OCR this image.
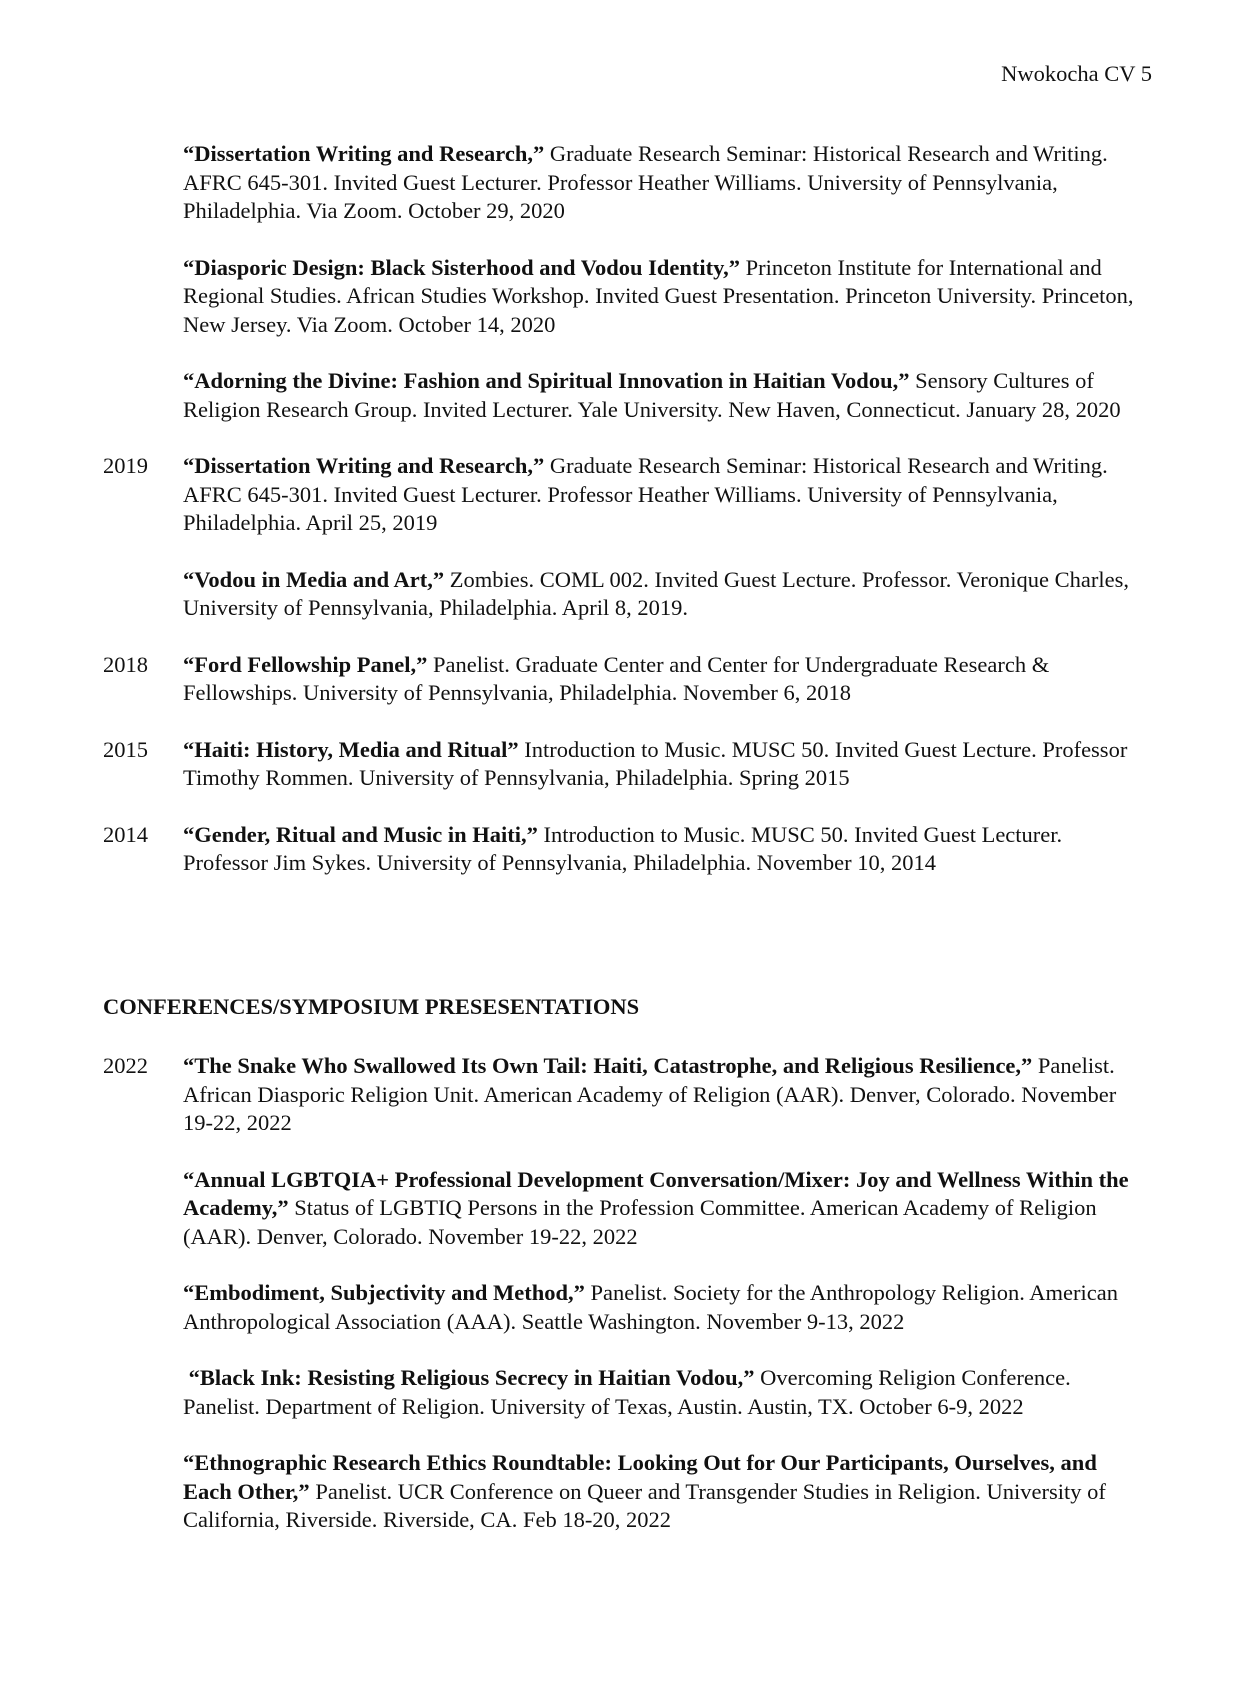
Nwokocha CV 5
“Dissertation Writing and Research,” Graduate Research Seminar: Historical Research and Writing. AFRC 645-301. Invited Guest Lecturer. Professor Heather Williams. University of Pennsylvania, Philadelphia. Via Zoom. October 29, 2020
“Diasporic Design: Black Sisterhood and Vodou Identity,” Princeton Institute for International and Regional Studies. African Studies Workshop. Invited Guest Presentation. Princeton University. Princeton, New Jersey. Via Zoom. October 14, 2020
“Adorning the Divine: Fashion and Spiritual Innovation in Haitian Vodou,” Sensory Cultures of Religion Research Group. Invited Lecturer. Yale University. New Haven, Connecticut. January 28, 2020
2019 “Dissertation Writing and Research,” Graduate Research Seminar: Historical Research and Writing. AFRC 645-301. Invited Guest Lecturer. Professor Heather Williams. University of Pennsylvania, Philadelphia. April 25, 2019
“Vodou in Media and Art,” Zombies. COML 002. Invited Guest Lecture. Professor. Veronique Charles, University of Pennsylvania, Philadelphia. April 8, 2019.
2018 “Ford Fellowship Panel,” Panelist. Graduate Center and Center for Undergraduate Research & Fellowships. University of Pennsylvania, Philadelphia. November 6, 2018
2015 “Haiti: History, Media and Ritual” Introduction to Music. MUSC 50. Invited Guest Lecture. Professor Timothy Rommen. University of Pennsylvania, Philadelphia. Spring 2015
2014 “Gender, Ritual and Music in Haiti,” Introduction to Music. MUSC 50. Invited Guest Lecturer. Professor Jim Sykes. University of Pennsylvania, Philadelphia. November 10, 2014
CONFERENCES/SYMPOSIUM PRESESENTATIONS
2022 “The Snake Who Swallowed Its Own Tail: Haiti, Catastrophe, and Religious Resilience,” Panelist. African Diasporic Religion Unit. American Academy of Religion (AAR). Denver, Colorado. November 19-22, 2022
“Annual LGBTQIA+ Professional Development Conversation/Mixer: Joy and Wellness Within the Academy,” Status of LGBTIQ Persons in the Profession Committee. American Academy of Religion (AAR). Denver, Colorado. November 19-22, 2022
“Embodiment, Subjectivity and Method,” Panelist. Society for the Anthropology Religion. American Anthropological Association (AAA). Seattle Washington. November 9-13, 2022
“Black Ink: Resisting Religious Secrecy in Haitian Vodou,” Overcoming Religion Conference. Panelist. Department of Religion. University of Texas, Austin. Austin, TX. October 6-9, 2022
“Ethnographic Research Ethics Roundtable: Looking Out for Our Participants, Ourselves, and Each Other,” Panelist. UCR Conference on Queer and Transgender Studies in Religion. University of California, Riverside. Riverside, CA. Feb 18-20, 2022
